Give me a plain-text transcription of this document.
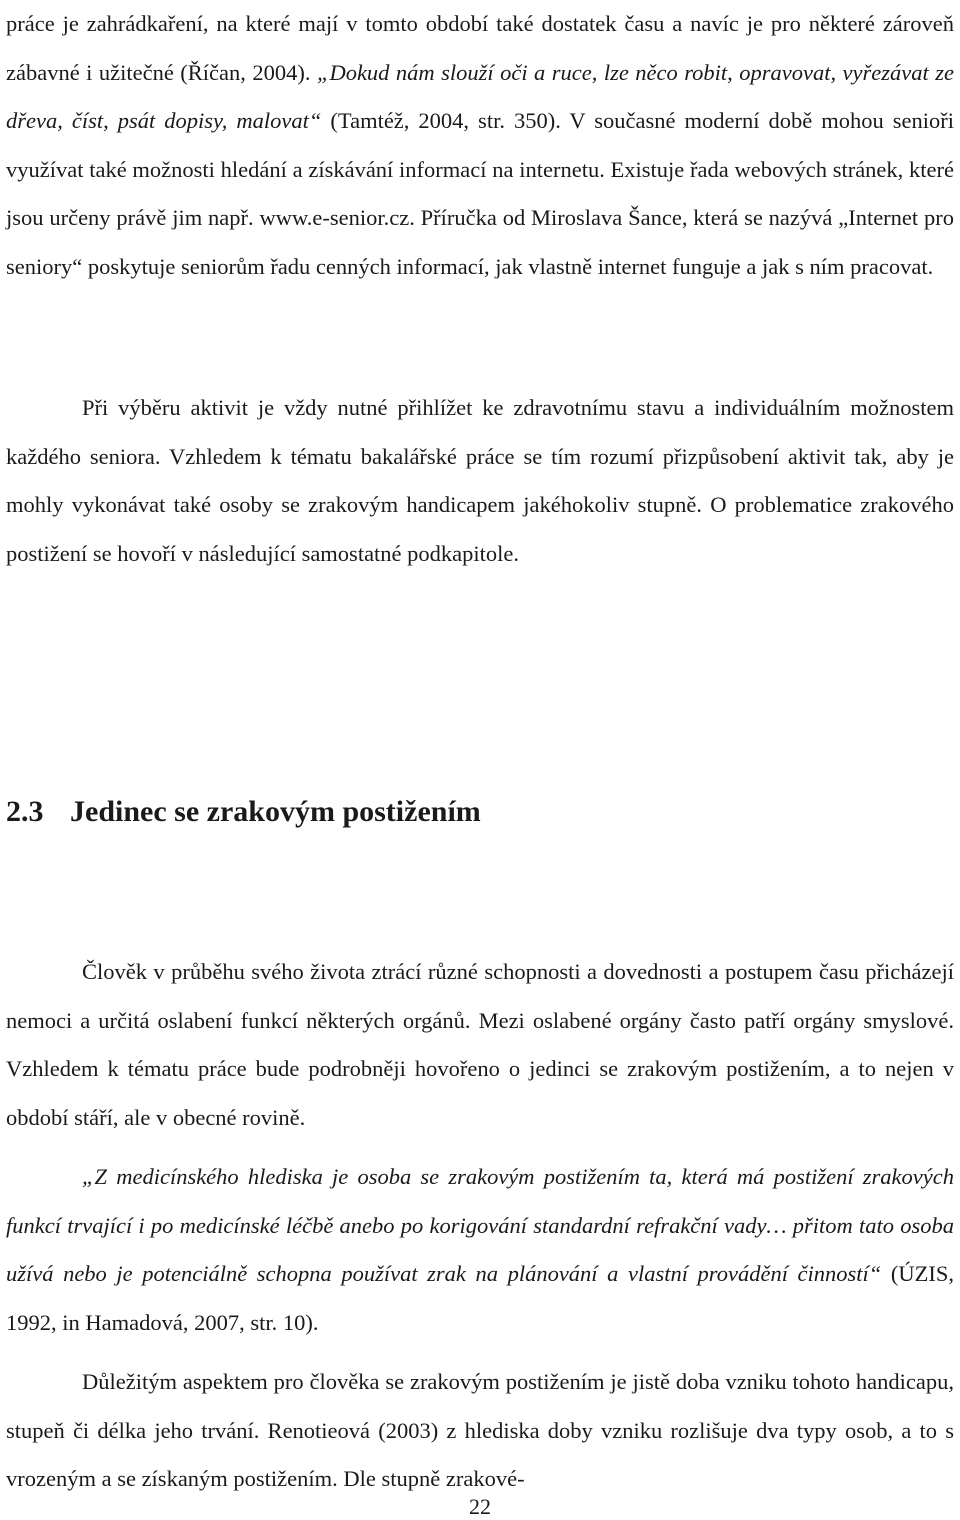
práce je zahrádkaření, na které mají v tomto období také dostatek času a navíc je pro některé zároveň zábavné i užitečné (Říčan, 2004). „Dokud nám slouží oči a ruce, lze něco robit, opravovat, vyřezávat ze dřeva, číst, psát dopisy, malovat“ (Tamtéž, 2004, str. 350). V současné moderní době mohou senioři využívat také možnosti hledání a získávání informací na internetu. Existuje řada webových stránek, které jsou určeny právě jim např. www.e-senior.cz. Příručka od Miroslava Šance, která se nazývá „Internet pro seniory“ poskytuje seniorům řadu cenných informací, jak vlastně internet funguje a jak s ním pracovat.

Při výběru aktivit je vždy nutné přihlížet ke zdravotnímu stavu a individuálním možnostem každého seniora. Vzhledem k tématu bakalářské práce se tím rozumí přizpůsobení aktivit tak, aby je mohly vykonávat také osoby se zrakovým handicapem jakéhokoliv stupně. O problematice zrakového postižení se hovoří v následující samostatné podkapitole.

2.3 Jedinec se zrakovým postižením

Člověk v průběhu svého života ztrácí různé schopnosti a dovednosti a postupem času přicházejí nemoci a určitá oslabení funkcí některých orgánů. Mezi oslabené orgány často patří orgány smyslové. Vzhledem k tématu práce bude podrobněji hovořeno o jedinci se zrakovým postižením, a to nejen v období stáří, ale v obecné rovině.

„Z medicínského hlediska je osoba se zrakovým postižením ta, která má postižení zrakových funkcí trvající i po medicínské léčbě anebo po korigování standardní refrakční vady… přitom tato osoba užívá nebo je potenciálně schopna používat zrak na plánování a vlastní provádění činností“ (ÚZIS, 1992, in Hamadová, 2007, str. 10).

Důležitým aspektem pro člověka se zrakovým postižením je jistě doba vzniku tohoto handicapu, stupeň či délka jeho trvání. Renotieová (2003) z hlediska doby vzniku rozlišuje dva typy osob, a to s vrozeným a se získaným postižením. Dle stupně zrakové-

22
